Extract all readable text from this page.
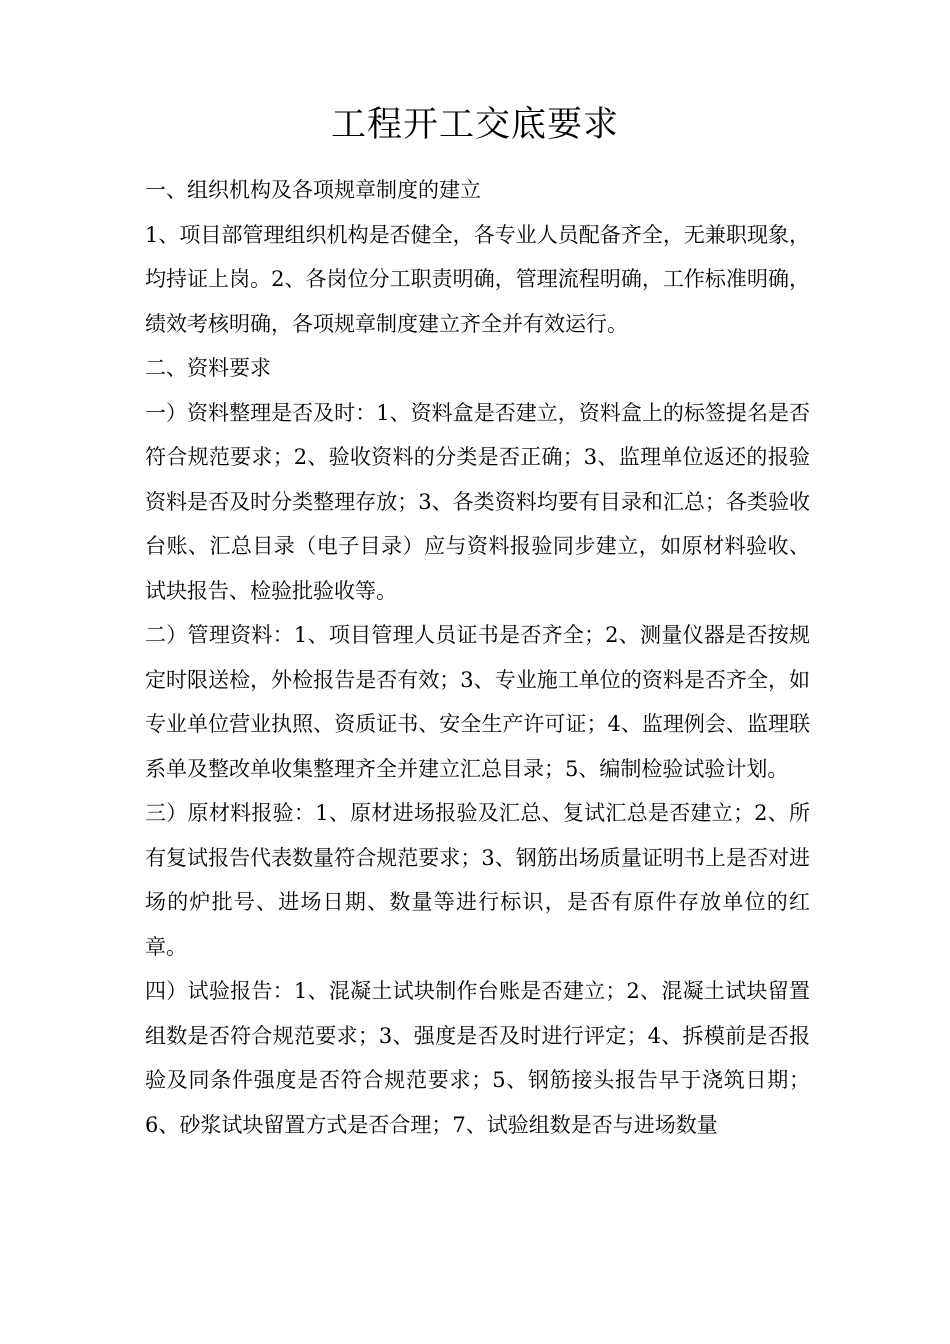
工程开工交底要求

一、组织机构及各项规章制度的建立

1、项目部管理组织机构是否健全，各专业人员配备齐全，无兼职现象，均持证上岗。2、各岗位分工职责明确，管理流程明确，工作标准明确，绩效考核明确，各项规章制度建立齐全并有效运行。

二、资料要求

一）资料整理是否及时：1、资料盒是否建立，资料盒上的标签提名是否符合规范要求；2、验收资料的分类是否正确；3、监理单位返还的报验资料是否及时分类整理存放；3、各类资料均要有目录和汇总；各类验收台账、汇总目录（电子目录）应与资料报验同步建立，如原材料验收、试块报告、检验批验收等。

二）管理资料：1、项目管理人员证书是否齐全；2、测量仪器是否按规定时限送检，外检报告是否有效；3、专业施工单位的资料是否齐全，如专业单位营业执照、资质证书、安全生产许可证；4、监理例会、监理联系单及整改单收集整理齐全并建立汇总目录；5、编制检验试验计划。

三）原材料报验：1、原材进场报验及汇总、复试汇总是否建立；2、所有复试报告代表数量符合规范要求；3、钢筋出场质量证明书上是否对进场的炉批号、进场日期、数量等进行标识，是否有原件存放单位的红章。

四）试验报告：1、混凝土试块制作台账是否建立；2、混凝土试块留置组数是否符合规范要求；3、强度是否及时进行评定；4、拆模前是否报验及同条件强度是否符合规范要求；5、钢筋接头报告早于浇筑日期；6、砂浆试块留置方式是否合理；7、试验组数是否与进场数量
